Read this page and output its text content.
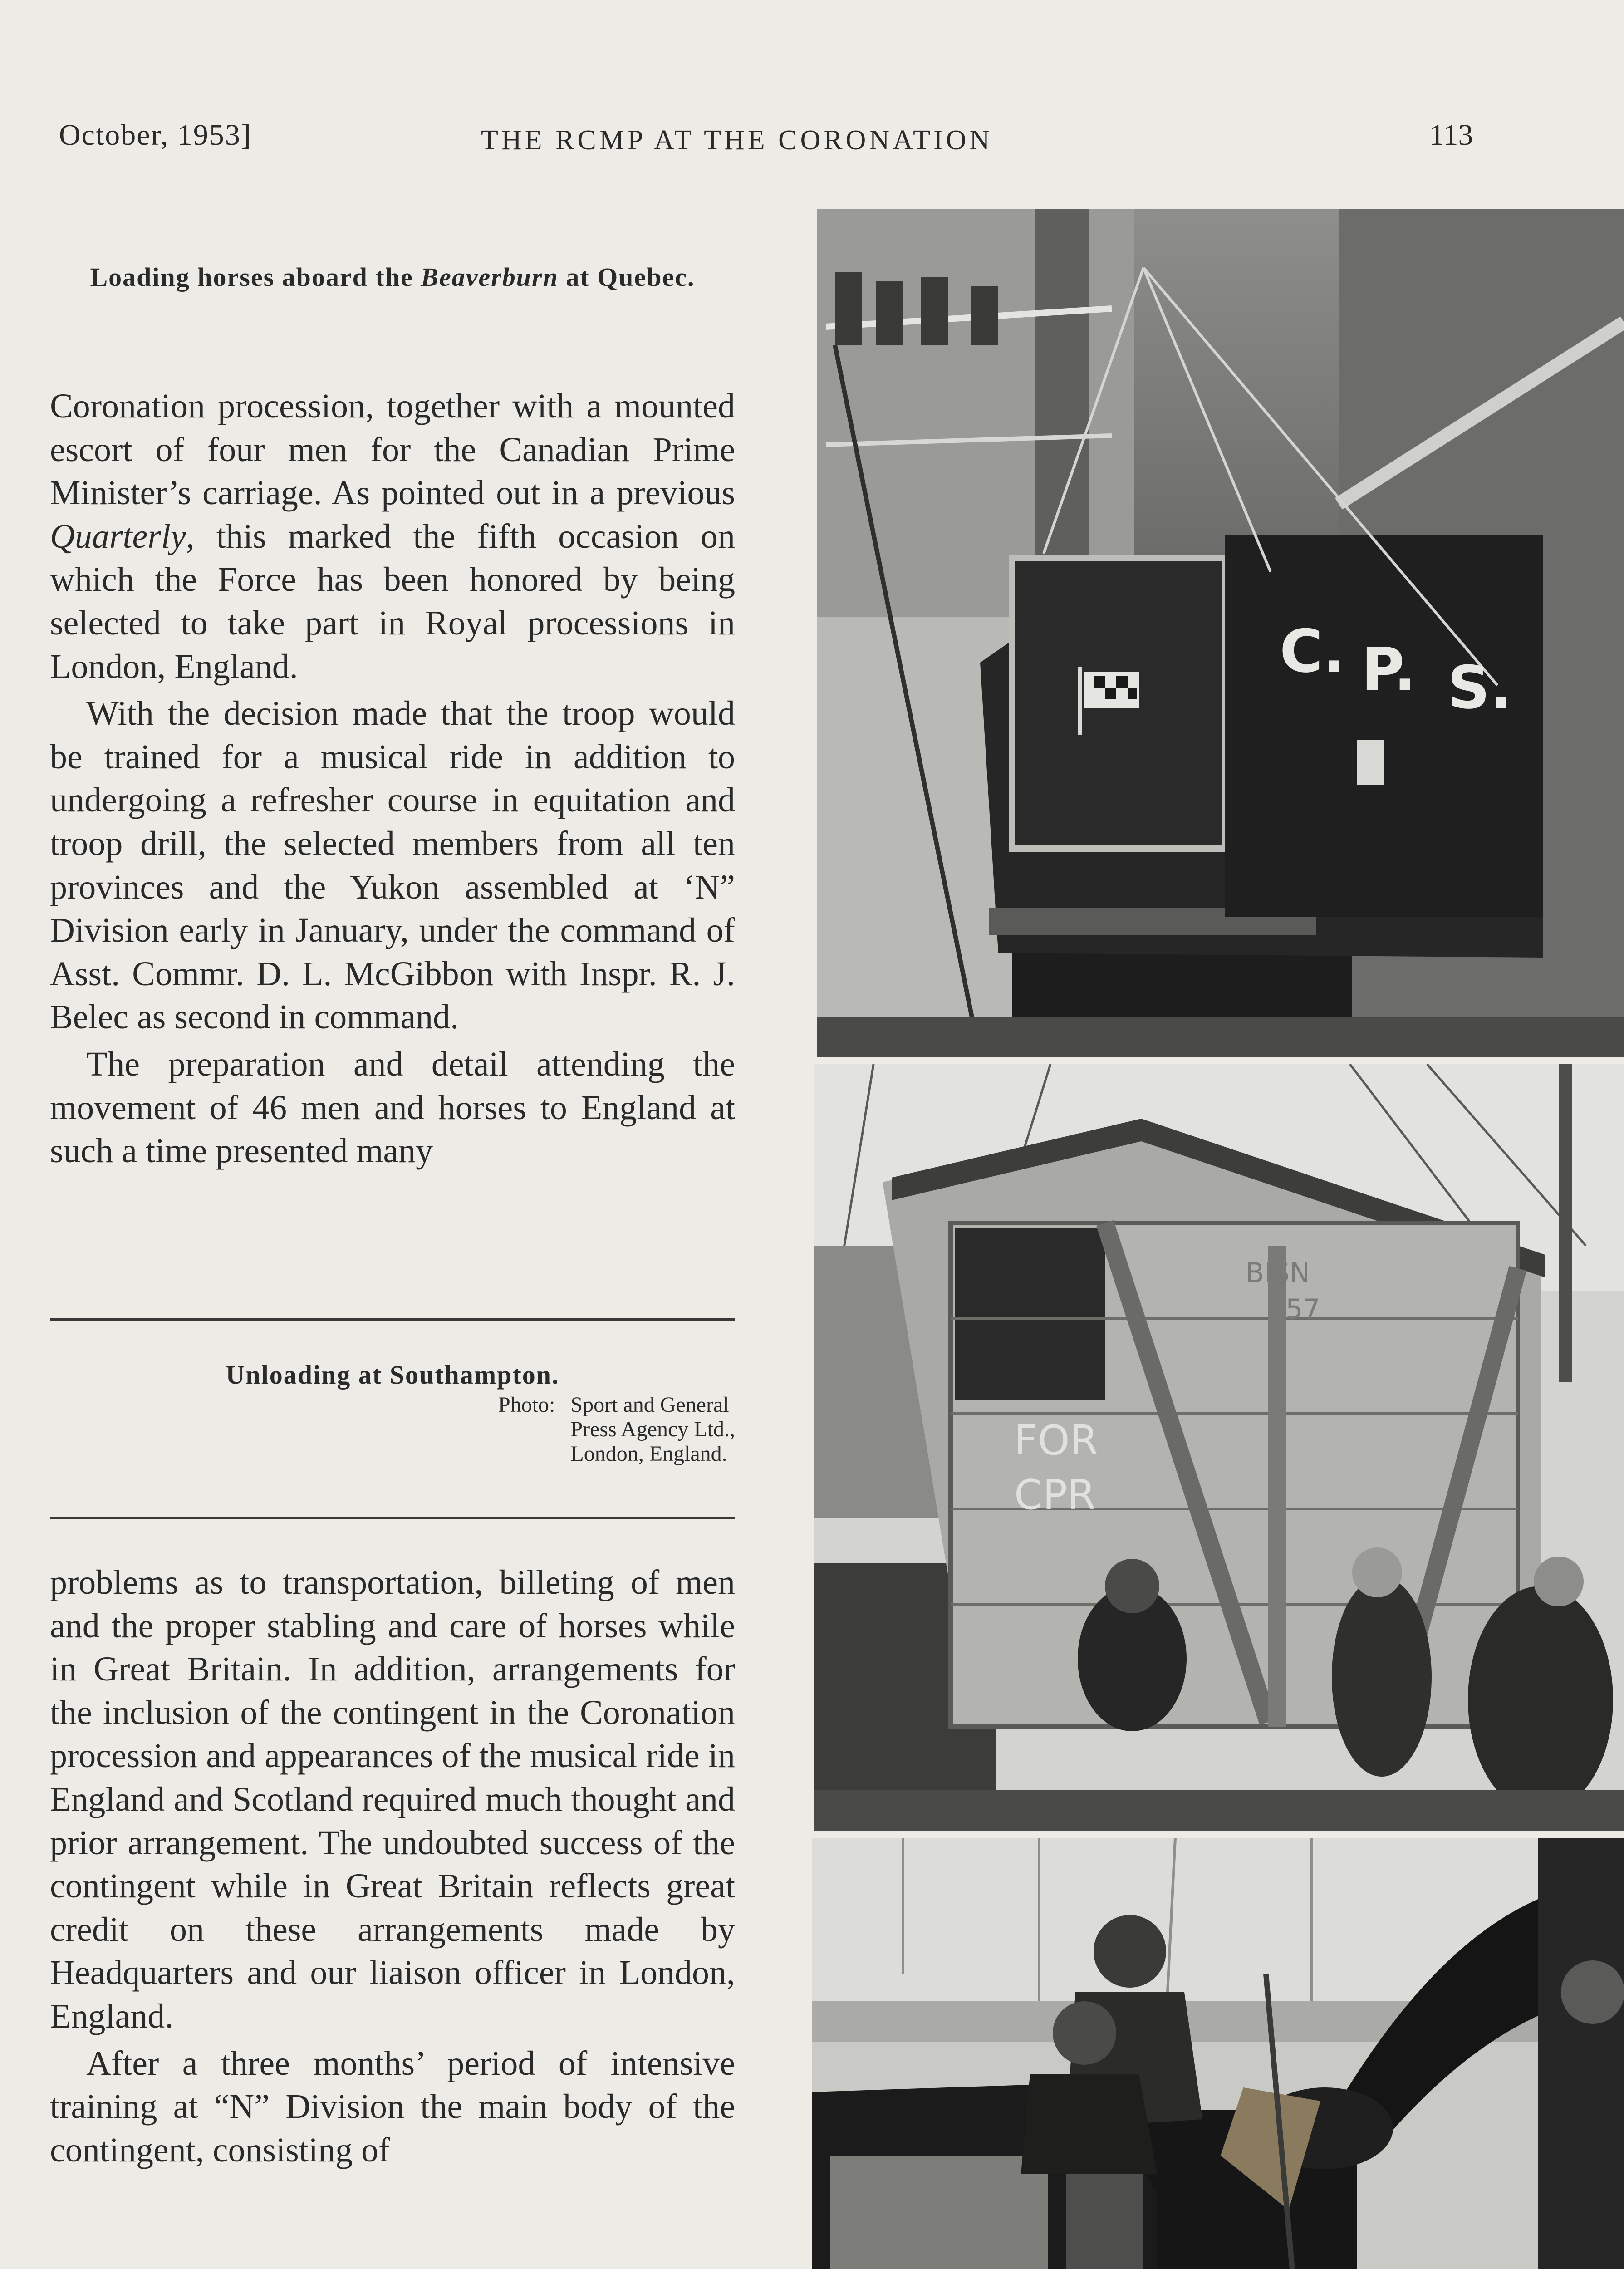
October, 1953]	THE RCMP AT THE CORONATION	113
Loading horses aboard the Beaverburn at Quebec.

Coronation procession, together with a mounted escort of four men for the Canadian Prime Minister’s carriage. As pointed out in a previous Quarterly, this marked the fifth occasion on which the Force has been honored by being selected to take part in Royal processions in London, England.

With the decision made that the troop would be trained for a musical ride in addition to undergoing a refresher course in equitation and troop drill, the selected members from all ten provinces and the Yukon assembled at ‘N” Division early in January, under the command of Asst. Commr. D. L. McGibbon with Inspr. R. J. Belec as second in command.

The preparation and detail attending the movement of 46 men and horses to England at such a time presented many

Unloading at Southampton.
Photo: Sport and General
Press Agency Ltd.,
London, England.

problems as to transportation, billeting of men and the proper stabling and care of horses while in Great Britain. In addition, arrangements for the inclusion of the contingent in the Coronation procession and appearances of the musical ride in England and Scotland required much thought and prior arrangement. The undoubted success of the contingent while in Great Britain reflects great credit on these arrangements made by Headquarters and our liaison officer in London, England.

After a three months’ period of intensive training at “N” Division the main body of the contingent, consisting of

C. P. S.
BISN
157
FOR
CPR
